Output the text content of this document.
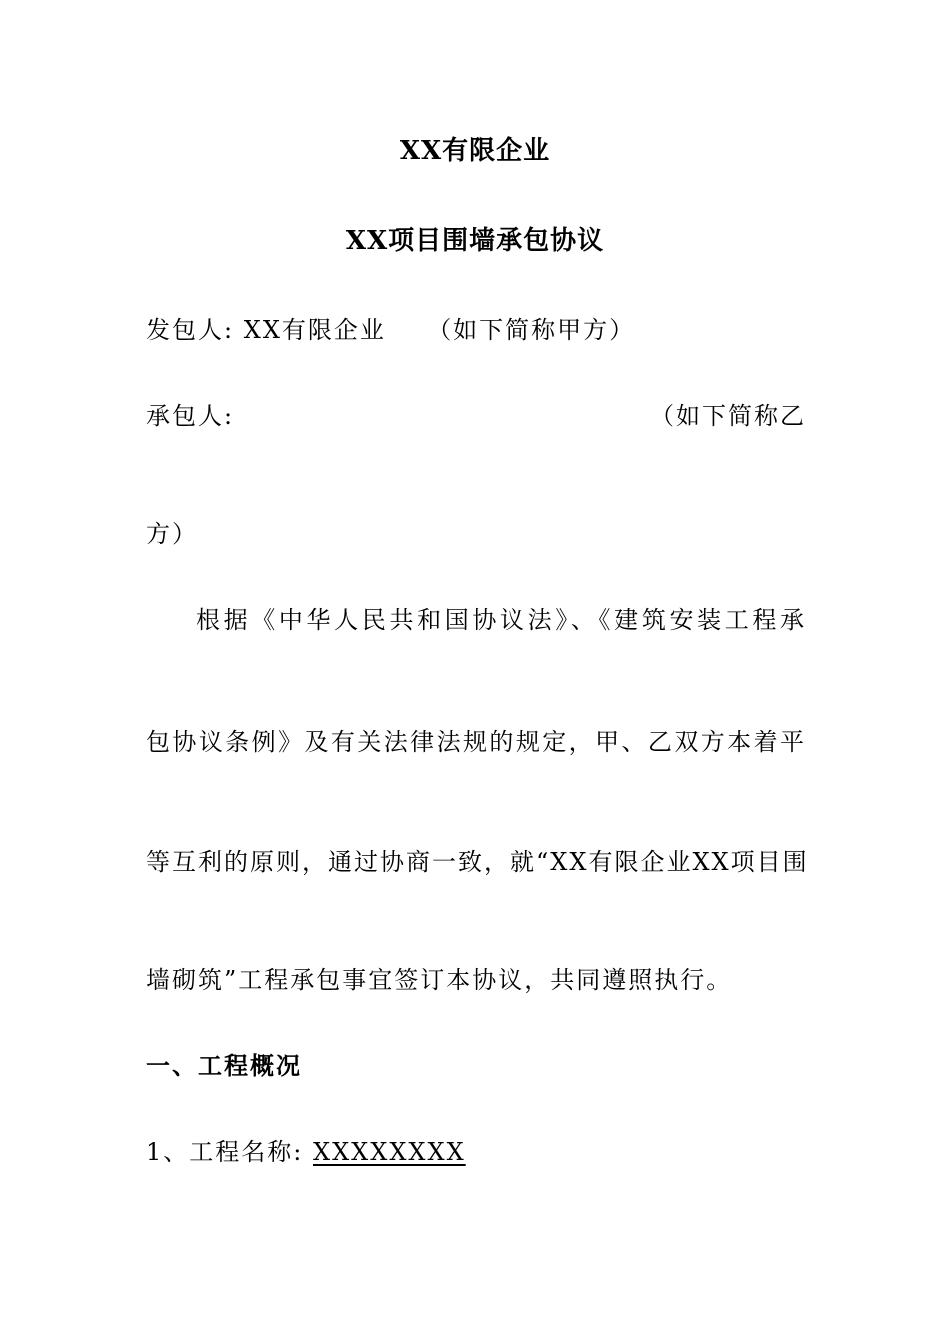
XX有限企业
XX项目围墙承包协议
发包人: XX有限企业 （如下简称甲方）
承包人:	（如下简称乙
方）
根据《中华人民共和国协议法》、《建筑安装工程承
包协议条例》及有关法律法规的规定，甲、乙双方本着平
等互利的原则，通过协商一致，就“XX有限企业XX项目围
墙砌筑”工程承包事宜签订本协议，共同遵照执行。
一、工程概况
1、工程名称: XXXXXXXX
